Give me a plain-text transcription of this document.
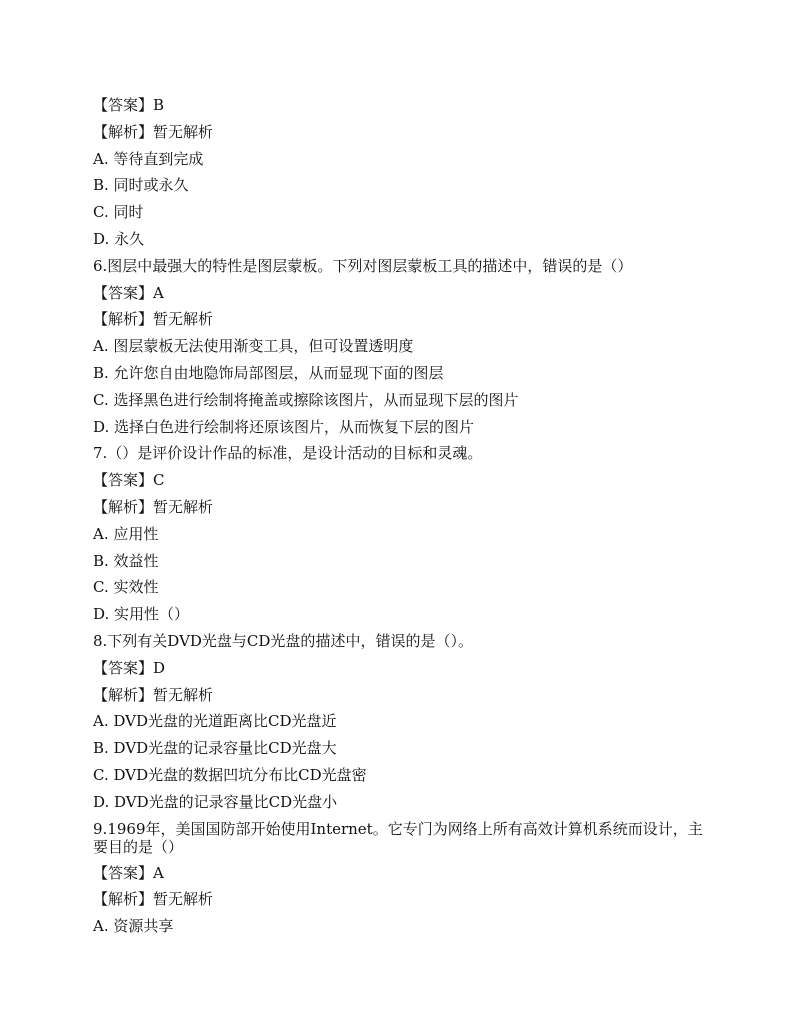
【答案】B
【解析】暂无解析
A. 等待直到完成
B. 同时或永久
C. 同时
D. 永久
6.图层中最强大的特性是图层蒙板。下列对图层蒙板工具的描述中，错误的是（）
【答案】A
【解析】暂无解析
A. 图层蒙板无法使用渐变工具，但可设置透明度
B. 允许您自由地隐饰局部图层，从而显现下面的图层
C. 选择黑色进行绘制将掩盖或擦除该图片，从而显现下层的图片
D. 选择白色进行绘制将还原该图片，从而恢复下层的图片
7.（）是评价设计作品的标准，是设计活动的目标和灵魂。
【答案】C
【解析】暂无解析
A. 应用性
B. 效益性
C. 实效性
D. 实用性（）
8.下列有关DVD光盘与CD光盘的描述中，错误的是（）。
【答案】D
【解析】暂无解析
A. DVD光盘的光道距离比CD光盘近
B. DVD光盘的记录容量比CD光盘大
C. DVD光盘的数据凹坑分布比CD光盘密
D. DVD光盘的记录容量比CD光盘小
9.1969年，美国国防部开始使用Internet。它专门为网络上所有高效计算机系统而设计，主要目的是（）
【答案】A
【解析】暂无解析
A. 资源共享
